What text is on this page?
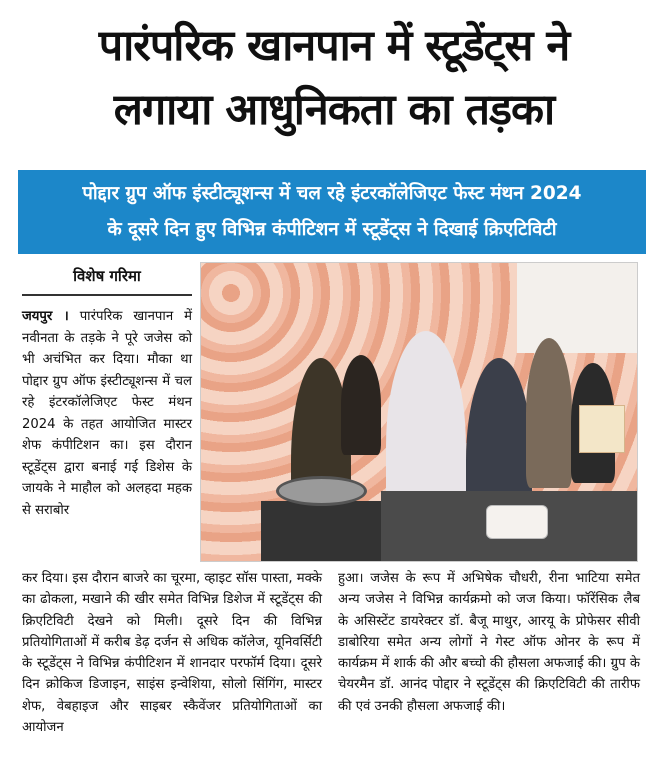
पारंपरिक खानपान में स्टूडेंट्स ने
लगाया आधुनिकता का तड़का
पोद्दार ग्रुप ऑफ इंस्टीट्यूशन्स में चल रहे इंटरकॉलेजिएट फेस्ट मंथन 2024
के दूसरे दिन हुए विभिन्न कंपीटिशन में स्टूडेंट्स ने दिखाई क्रिएटिविटी
विशेष गरिमा
जयपुर । पारंपरिक खानपान में नवीनता के तड़के ने पूरे जजेस को भी अचंभित कर दिया। मौका था पोद्दार ग्रुप ऑफ इंस्टीट्यूशन्स में चल रहे इंटरकॉलेजिएट फेस्ट मंथन 2024 के तहत आयोजित मास्टर शेफ कंपीटिशन का। इस दौरान स्टूडेंट्स द्वारा बनाई गई डिशेस के जायके ने माहौल को अलहदा महक से सराबोर
कर दिया। इस दौरान बाजरे का चूरमा, व्हाइट सॉस पास्ता, मक्के का ढोकला, मखाने की खीर समेत विभिन्न डिशेज में स्टूडेंट्स की क्रिएटिविटी देखने को मिली। दूसरे दिन की विभिन्न प्रतियोगिताओं में करीब डेढ़ दर्जन से अधिक कॉलेज, यूनिवर्सिटी के स्टूडेंट्स ने विभिन्न कंपीटिशन में शानदार परफॉर्म दिया। दूसरे दिन क्रोकिज डिजाइन, साइंस इन्वेशिया, सोलो सिंगिंग, मास्टर शेफ, वेबहाइज और साइबर स्कैवेंजर प्रतियोगिताओं का आयोजन
हुआ। जजेस के रूप में अभिषेक चौधरी, रीना भाटिया समेत अन्य जजेस ने विभिन्न कार्यक्रमो को जज किया। फॉरेंसिक लैब के असिस्टेंट डायरेक्टर डॉ. बैजू माथुर, आरयू के प्रोफेसर सीवी डाबोरिया समेत अन्य लोगों ने गेस्ट ऑफ ओनर के रूप में कार्यक्रम में शार्क की और बच्चो की हौसला अफजाई की। ग्रुप के चेयरमैन डॉ. आनंद पोद्दार ने स्टूडेंट्स की क्रिएटिविटी की तारीफ की एवं उनकी हौसला अफजाई की।
